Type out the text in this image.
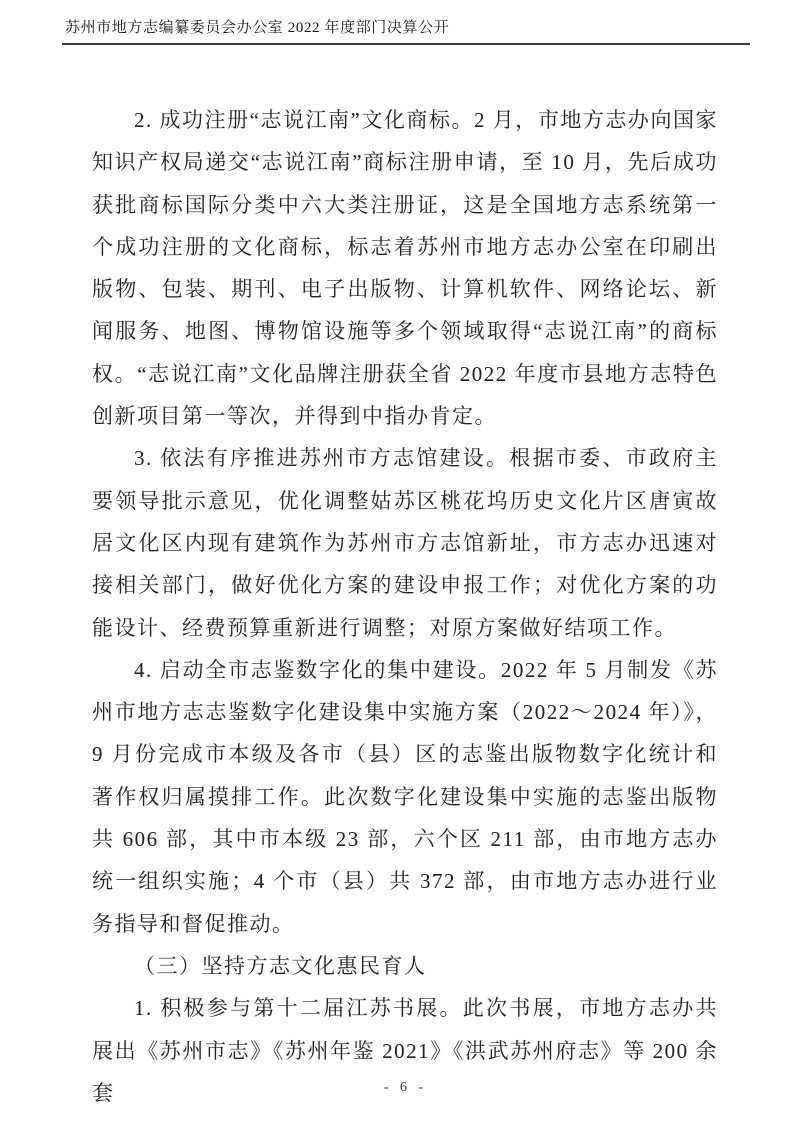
苏州市地方志编纂委员会办公室 2022 年度部门决算公开

2. 成功注册“志说江南”文化商标。2 月，市地方志办向国家知识产权局递交“志说江南”商标注册申请，至 10 月，先后成功获批商标国际分类中六大类注册证，这是全国地方志系统第一个成功注册的文化商标，标志着苏州市地方志办公室在印刷出版物、包装、期刊、电子出版物、计算机软件、网络论坛、新闻服务、地图、博物馆设施等多个领域取得“志说江南”的商标权。“志说江南”文化品牌注册获全省 2022 年度市县地方志特色创新项目第一等次，并得到中指办肯定。

3. 依法有序推进苏州市方志馆建设。根据市委、市政府主要领导批示意见，优化调整姑苏区桃花坞历史文化片区唐寅故居文化区内现有建筑作为苏州市方志馆新址，市方志办迅速对接相关部门，做好优化方案的建设申报工作；对优化方案的功能设计、经费预算重新进行调整；对原方案做好结项工作。

4. 启动全市志鉴数字化的集中建设。2022 年 5 月制发《苏州市地方志志鉴数字化建设集中实施方案（2022～2024 年）》，9 月份完成市本级及各市（县）区的志鉴出版物数字化统计和著作权归属摸排工作。此次数字化建设集中实施的志鉴出版物共 606 部，其中市本级 23 部，六个区 211 部，由市地方志办统一组织实施；4 个市（县）共 372 部，由市地方志办进行业务指导和督促推动。

（三）坚持方志文化惠民育人

1. 积极参与第十二届江苏书展。此次书展，市地方志办共展出《苏州市志》《苏州年鉴 2021》《洪武苏州府志》等 200 余套	- 6 -
